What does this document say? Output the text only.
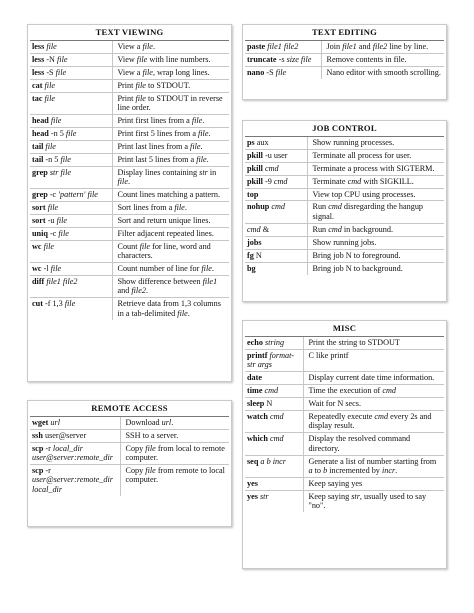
TEXT VIEWING
less file	View a file.
less -N file	View file with line numbers.
less -S file	View a file, wrap long lines.
cat file	Print file to STDOUT.
tac file	Print file to STDOUT in reverse line order.
head file	Print first lines from a file.
head -n 5 file	Print first 5 lines from a file.
tail file	Print last lines from a file.
tail -n 5 file	Print last 5 lines from a file.
grep str file	Display lines containing str in file.
grep -c 'pattern' file	Count lines matching a pattern.
sort file	Sort lines from a file.
sort -u file	Sort and return unique lines.
uniq -c file	Filter adjacent repeated lines.
wc file	Count file for line, word and characters.
wc -l file	Count number of line for file.
diff file1 file2	Show difference between file1 and file2.
cut -f 1,3 file	Retrieve data from 1,3 columns in a tab-delimited file.
REMOTE ACCESS
wget url	Download url.
ssh user@server	SSH to a server.
scp -r local_dir user@server:remote_dir	Copy file from local to remote computer.
scp -r user@server:remote_dir local_dir	Copy file from remote to local computer.
TEXT EDITING
paste file1 file2	Join file1 and file2 line by line.
truncate -s size file	Remove contents in file.
nano -S file	Nano editor with smooth scrolling.
JOB CONTROL
ps aux	Show running processes.
pkill -u user	Terminate all process for user.
pkill cmd	Terminate a process with SIGTERM.
pkill -9 cmd	Terminate cmd with SIGKILL.
top	View top CPU using processes.
nohup cmd	Run cmd disregarding the hangup signal.
cmd &	Run cmd in background.
jobs	Show running jobs.
fg N	Bring job N to foreground.
bg	Bring job N to background.
MISC
echo string	Print the string to STDOUT
printf format-str args	C like printf
date	Display current date time information.
time cmd	Time the execution of cmd
sleep N	Wait for N secs.
watch cmd	Repeatedly execute cmd every 2s and display result.
which cmd	Display the resolved command directory.
seq a b incr	Generate a list of number starting from a to b incremented by incr.
yes	Keep saying yes
yes str	Keep saying str, usually used to say "no".
